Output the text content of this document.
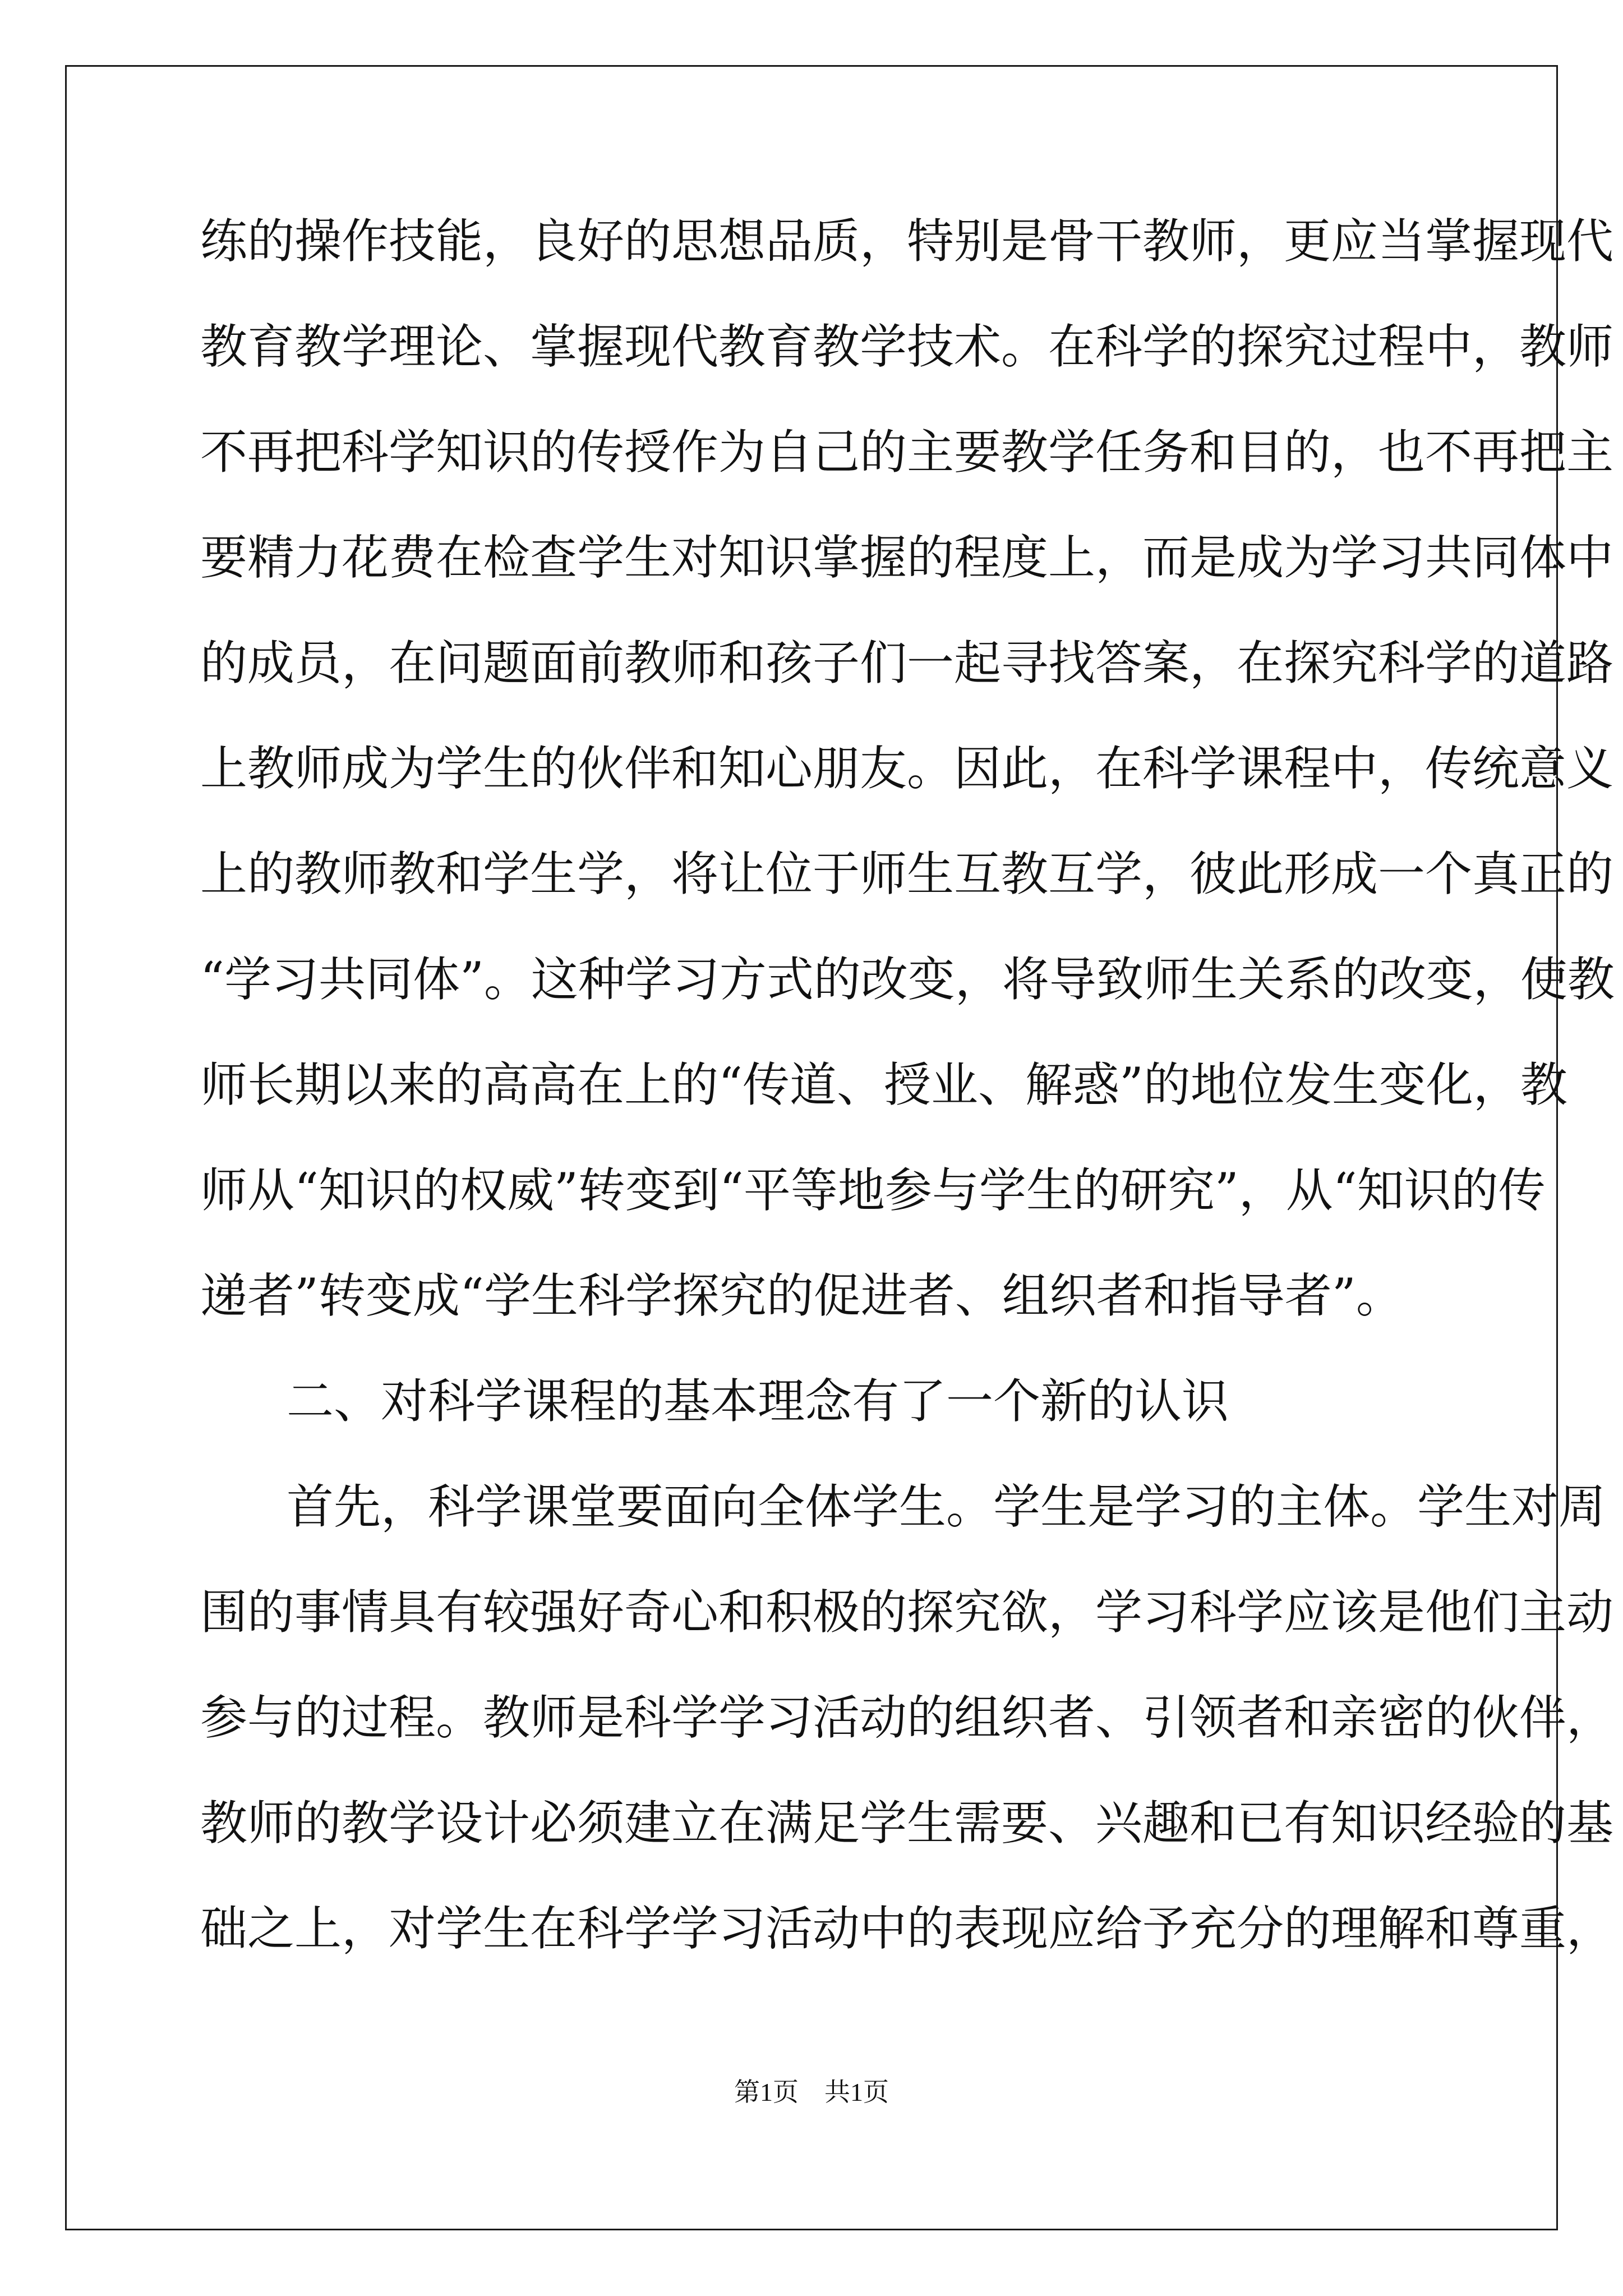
练的操作技能，良好的思想品质，特别是骨干教师，更应当掌握现代
教育教学理论、掌握现代教育教学技术。在科学的探究过程中，教师
不再把科学知识的传授作为自己的主要教学任务和目的，也不再把主
要精力花费在检查学生对知识掌握的程度上，而是成为学习共同体中
的成员，在问题面前教师和孩子们一起寻找答案，在探究科学的道路
上教师成为学生的伙伴和知心朋友。因此，在科学课程中，传统意义
上的教师教和学生学，将让位于师生互教互学，彼此形成一个真正的
“学习共同体”。这种学习方式的改变，将导致师生关系的改变，使教
师长期以来的高高在上的“传道、授业、解惑”的地位发生变化，教
师从“知识的权威”转变到“平等地参与学生的研究”，从“知识的传
递者”转变成“学生科学探究的促进者、组织者和指导者”。
二、对科学课程的基本理念有了一个新的认识
首先，科学课堂要面向全体学生。学生是学习的主体。学生对周
围的事情具有较强好奇心和积极的探究欲，学习科学应该是他们主动
参与的过程。教师是科学学习活动的组织者、引领者和亲密的伙伴，
教师的教学设计必须建立在满足学生需要、兴趣和已有知识经验的基
础之上，对学生在科学学习活动中的表现应给予充分的理解和尊重，
第1页　共1页
